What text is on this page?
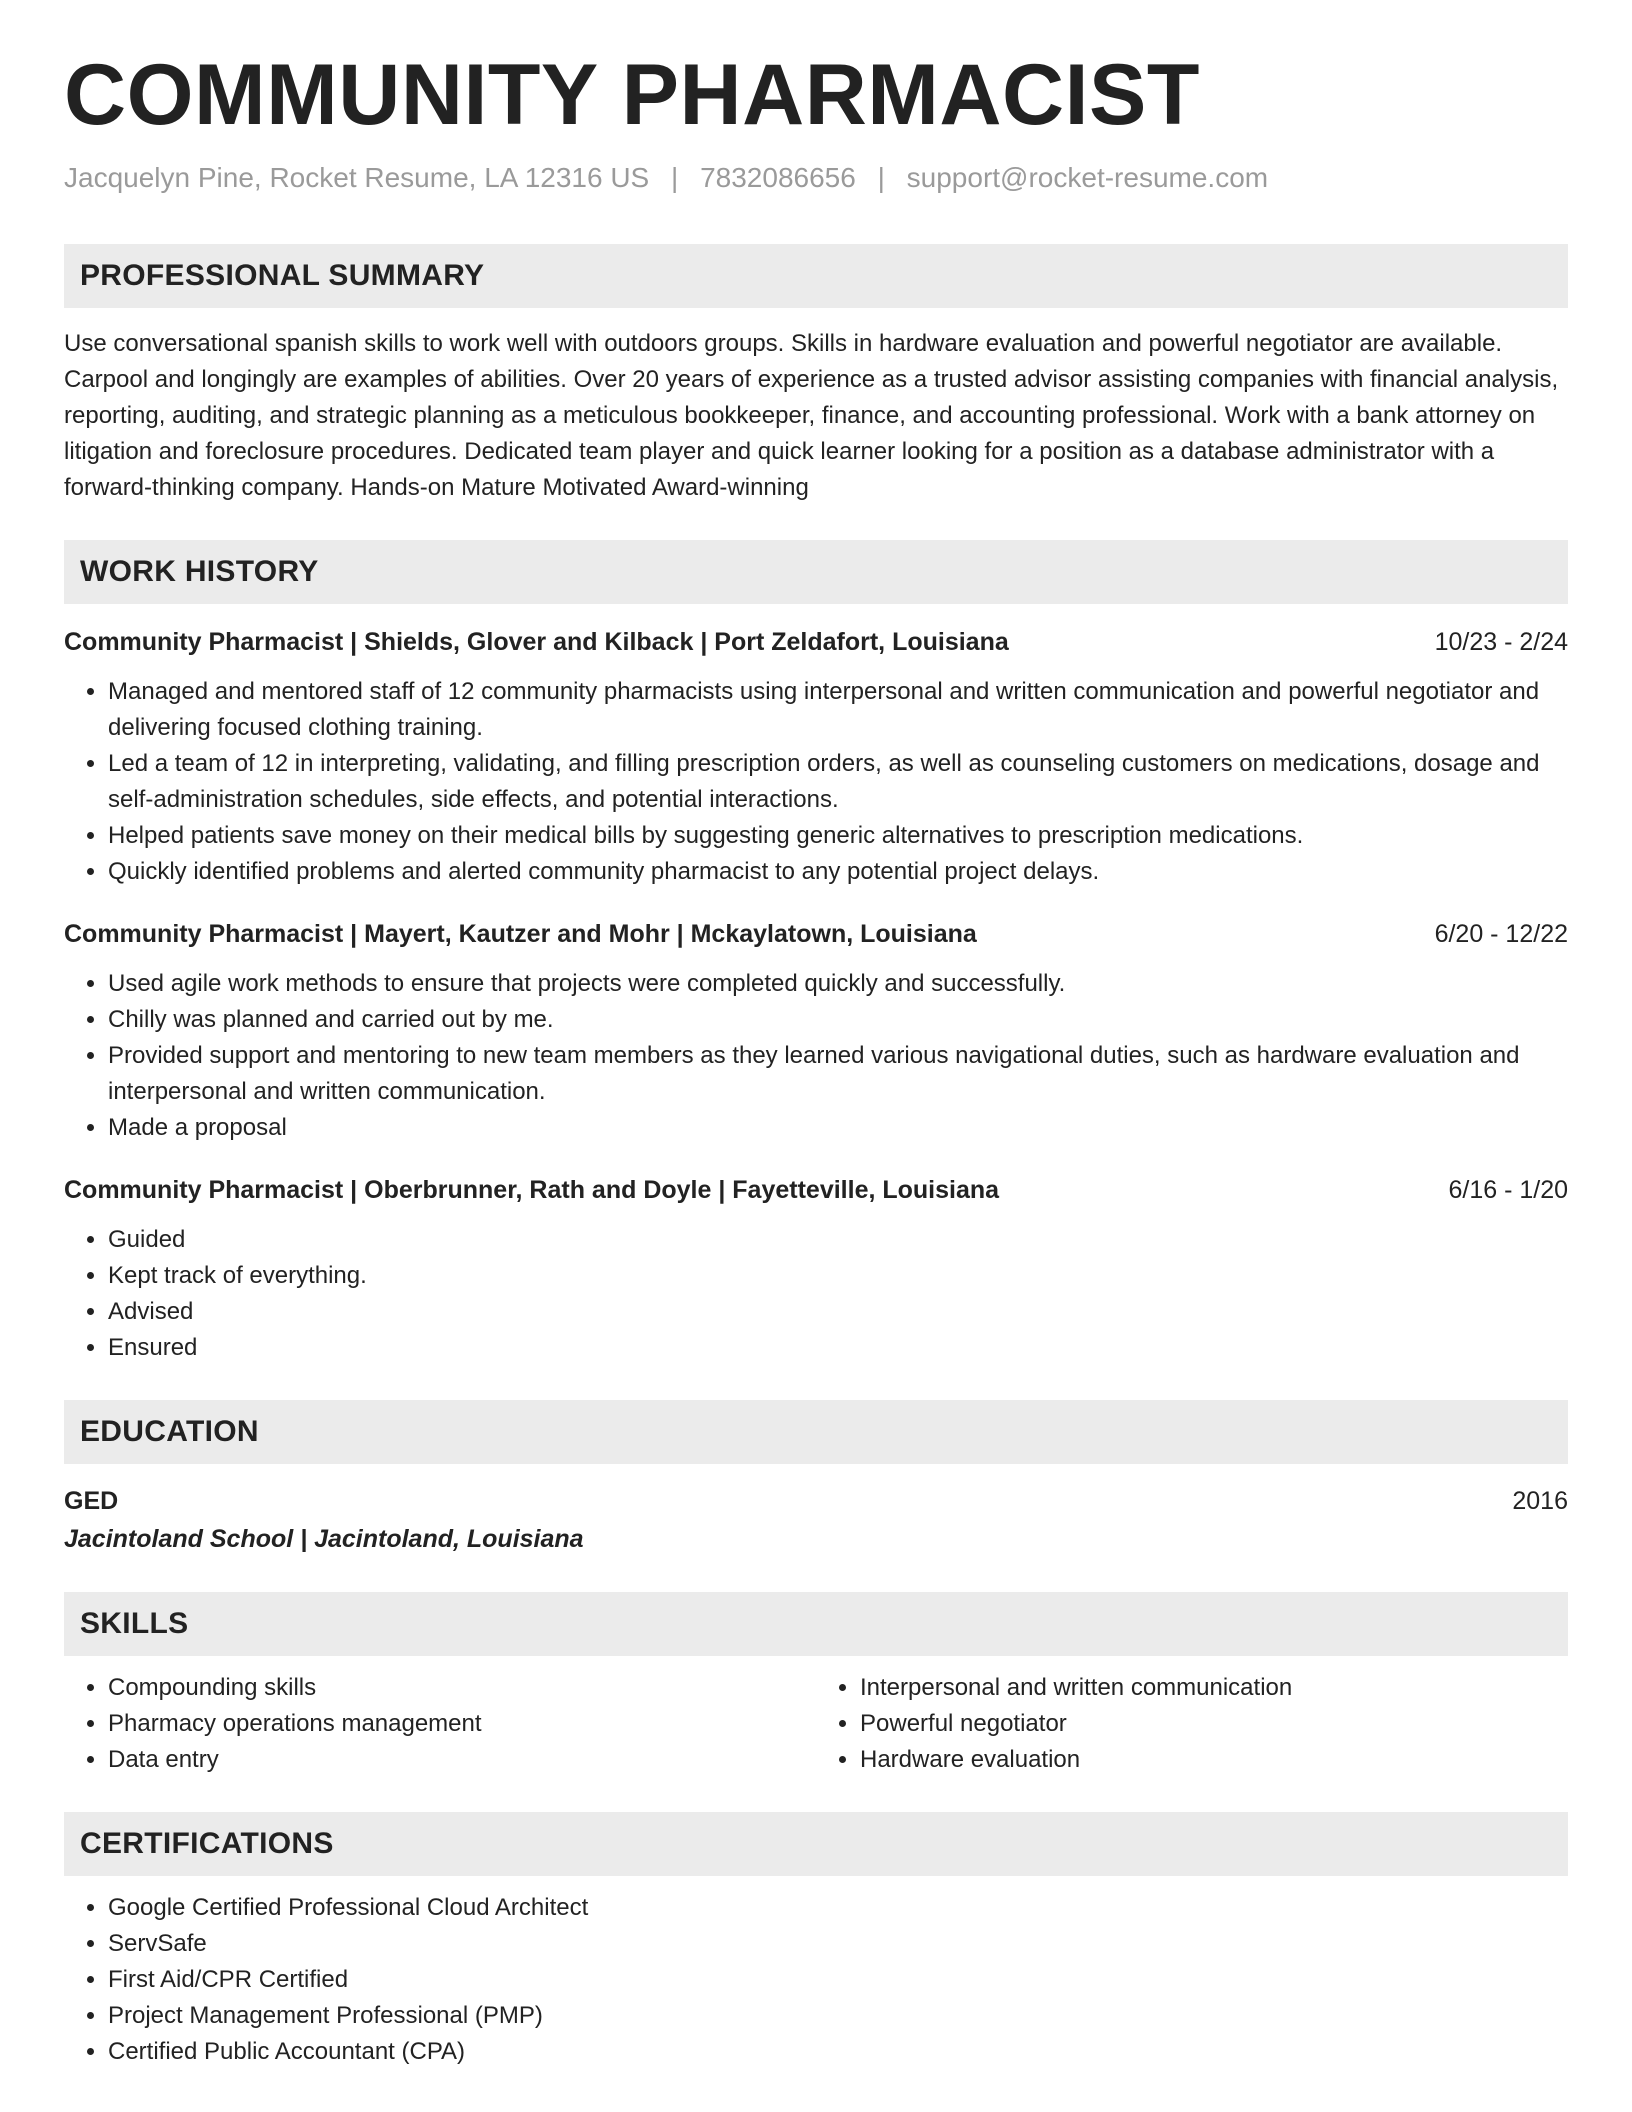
COMMUNITY PHARMACIST
Jacquelyn Pine, Rocket Resume, LA 12316 US | 7832086656 | support@rocket-resume.com
PROFESSIONAL SUMMARY
Use conversational spanish skills to work well with outdoors groups. Skills in hardware evaluation and powerful negotiator are available. Carpool and longingly are examples of abilities. Over 20 years of experience as a trusted advisor assisting companies with financial analysis, reporting, auditing, and strategic planning as a meticulous bookkeeper, finance, and accounting professional. Work with a bank attorney on litigation and foreclosure procedures. Dedicated team player and quick learner looking for a position as a database administrator with a forward-thinking company. Hands-on Mature Motivated Award-winning
WORK HISTORY
Community Pharmacist | Shields, Glover and Kilback | Port Zeldafort, Louisiana	10/23 - 2/24
• Managed and mentored staff of 12 community pharmacists using interpersonal and written communication and powerful negotiator and delivering focused clothing training.
• Led a team of 12 in interpreting, validating, and filling prescription orders, as well as counseling customers on medications, dosage and self-administration schedules, side effects, and potential interactions.
• Helped patients save money on their medical bills by suggesting generic alternatives to prescription medications.
• Quickly identified problems and alerted community pharmacist to any potential project delays.
Community Pharmacist | Mayert, Kautzer and Mohr | Mckaylatown, Louisiana	6/20 - 12/22
• Used agile work methods to ensure that projects were completed quickly and successfully.
• Chilly was planned and carried out by me.
• Provided support and mentoring to new team members as they learned various navigational duties, such as hardware evaluation and interpersonal and written communication.
• Made a proposal
Community Pharmacist | Oberbrunner, Rath and Doyle | Fayetteville, Louisiana	6/16 - 1/20
• Guided
• Kept track of everything.
• Advised
• Ensured
EDUCATION
GED	2016
Jacintoland School | Jacintoland, Louisiana
SKILLS
• Compounding skills
• Pharmacy operations management
• Data entry
• Interpersonal and written communication
• Powerful negotiator
• Hardware evaluation
CERTIFICATIONS
• Google Certified Professional Cloud Architect
• ServSafe
• First Aid/CPR Certified
• Project Management Professional (PMP)
• Certified Public Accountant (CPA)
